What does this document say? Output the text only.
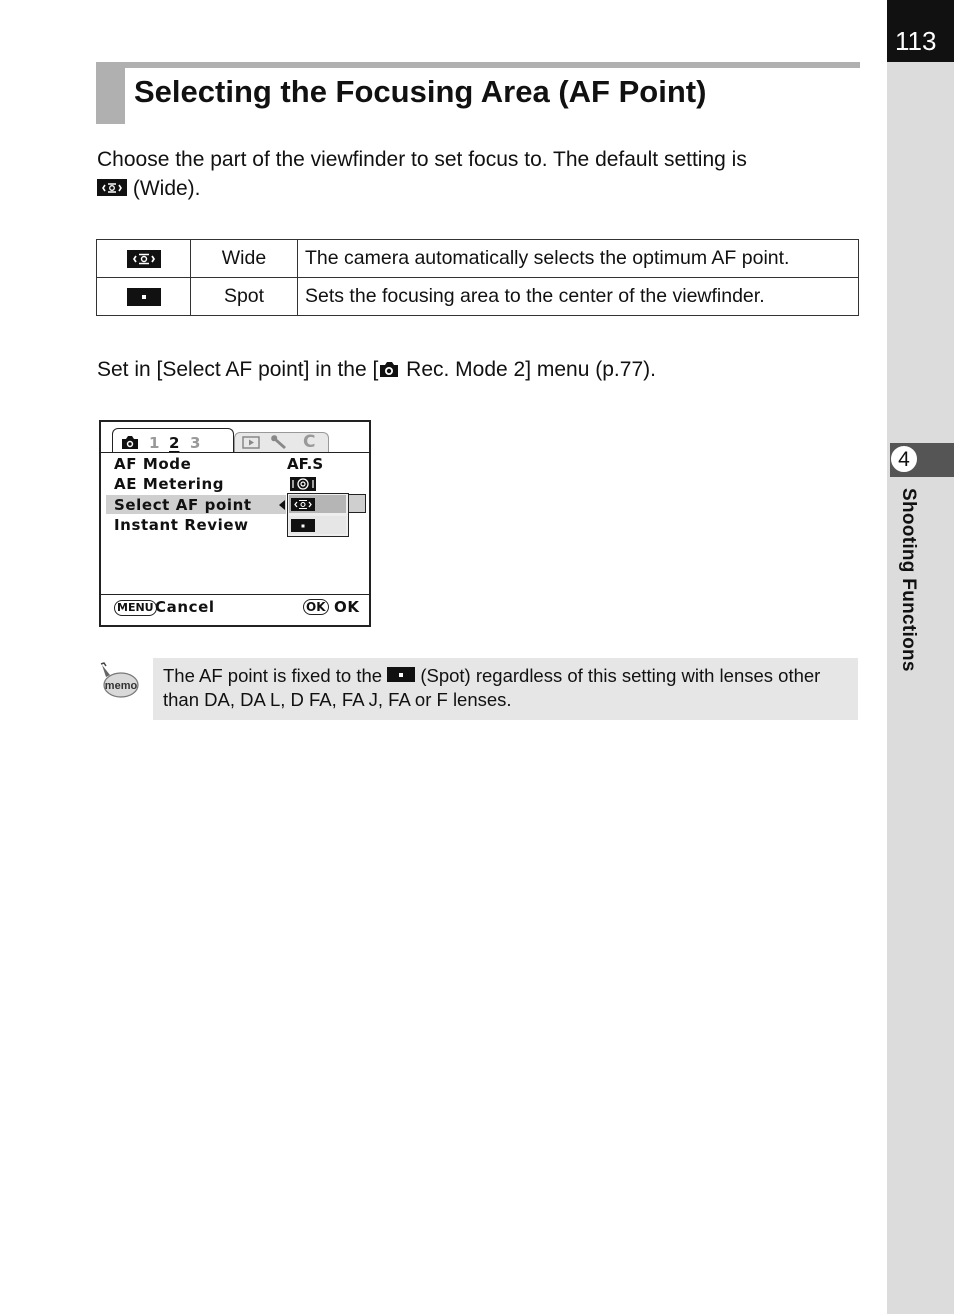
113
4
Shooting Functions
Selecting the Focusing Area (AF Point)
Choose the part of the viewfinder to set focus to. The default setting is

(Wide).
	Wide	The camera automatically selects the optimum AF point.

	Spot	Sets the focusing area to the center of the viewfinder.
Set in [Select AF point] in the [ Rec. Mode 2] menu (p.77).
1 2 3	C
AF Mode	AF.S
AE Metering
Select AF point
Instant Review
MENU Cancel	OK OK
memo The AF point is fixed to the
(Spot) regardless of this setting with lenses other than DA, DA L, D FA, FA J, FA or F lenses.
